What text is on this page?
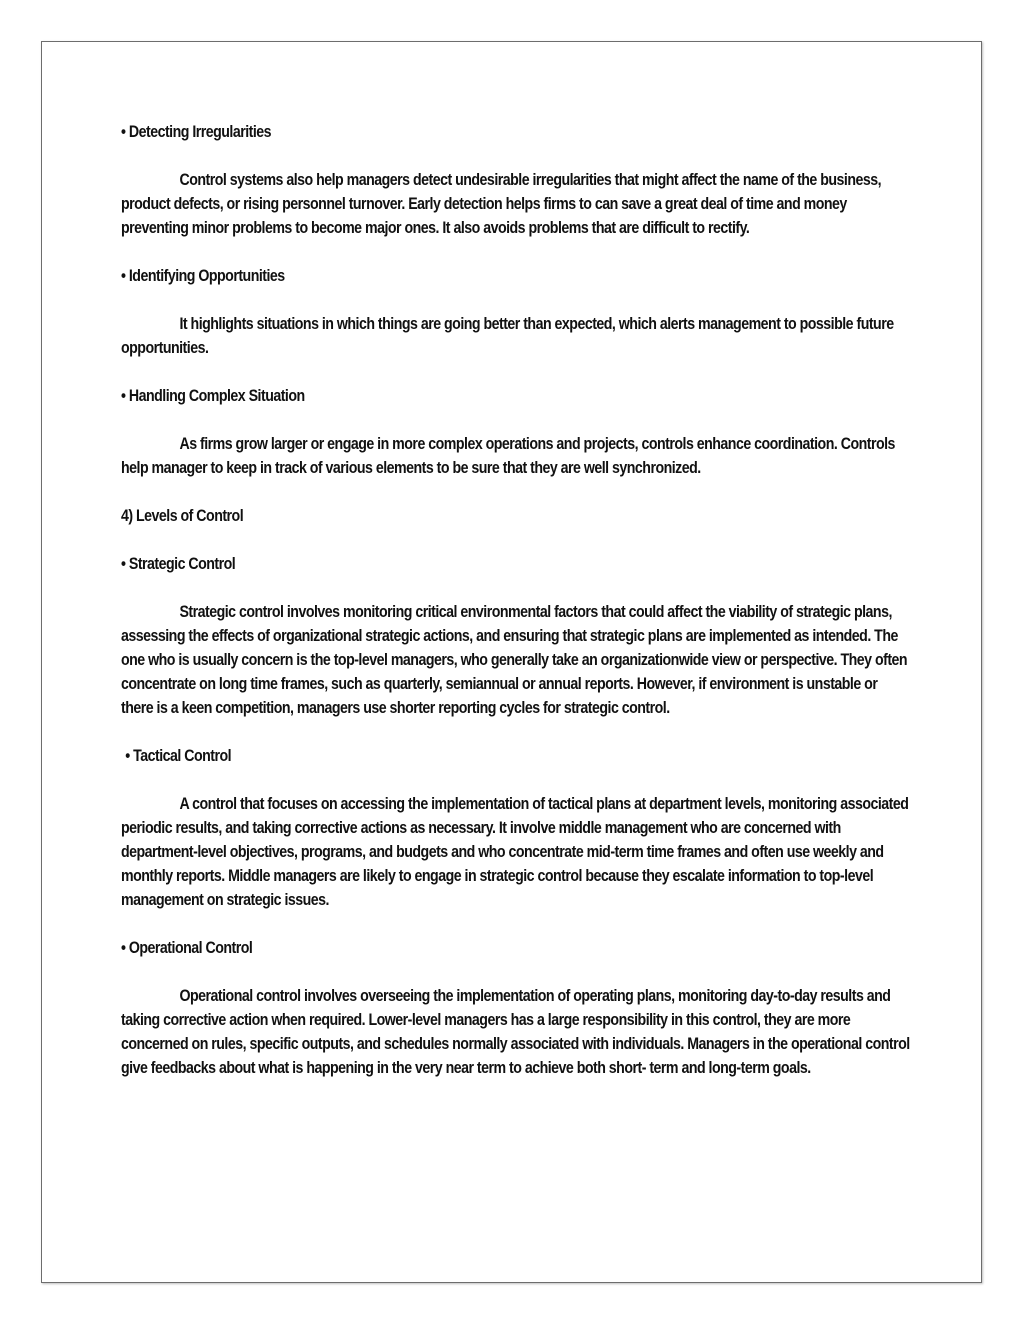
• Detecting Irregularities
Control systems also help managers detect undesirable irregularities that might affect the name of the business, product defects, or rising personnel turnover. Early detection helps firms to can save a great deal of time and money preventing minor problems to become major ones. It also avoids problems that are difficult to rectify.
• Identifying Opportunities
It highlights situations in which things are going better than expected, which alerts management to possible future opportunities.
• Handling Complex Situation
As firms grow larger or engage in more complex operations and projects, controls enhance coordination. Controls help manager to keep in track of various elements to be sure that they are well synchronized.
4) Levels of Control
• Strategic Control
Strategic control involves monitoring critical environmental factors that could affect the viability of strategic plans, assessing the effects of organizational strategic actions, and ensuring that strategic plans are implemented as intended. The one who is usually concern is the top-level managers, who generally take an organizationwide view or perspective. They often concentrate on long time frames, such as quarterly, semiannual or annual reports. However, if environment is unstable or there is a keen competition, managers use shorter reporting cycles for strategic control.
• Tactical Control
A control that focuses on accessing the implementation of tactical plans at department levels, monitoring associated periodic results, and taking corrective actions as necessary. It involve middle management who are concerned with department-level objectives, programs, and budgets and who concentrate mid-term time frames and often use weekly and monthly reports. Middle managers are likely to engage in strategic control because they escalate information to top-level management on strategic issues.
• Operational Control
Operational control involves overseeing the implementation of operating plans, monitoring day-to-day results and taking corrective action when required. Lower-level managers has a large responsibility in this control, they are more concerned on rules, specific outputs, and schedules normally associated with individuals. Managers in the operational control give feedbacks about what is happening in the very near term to achieve both short- term and long-term goals.
